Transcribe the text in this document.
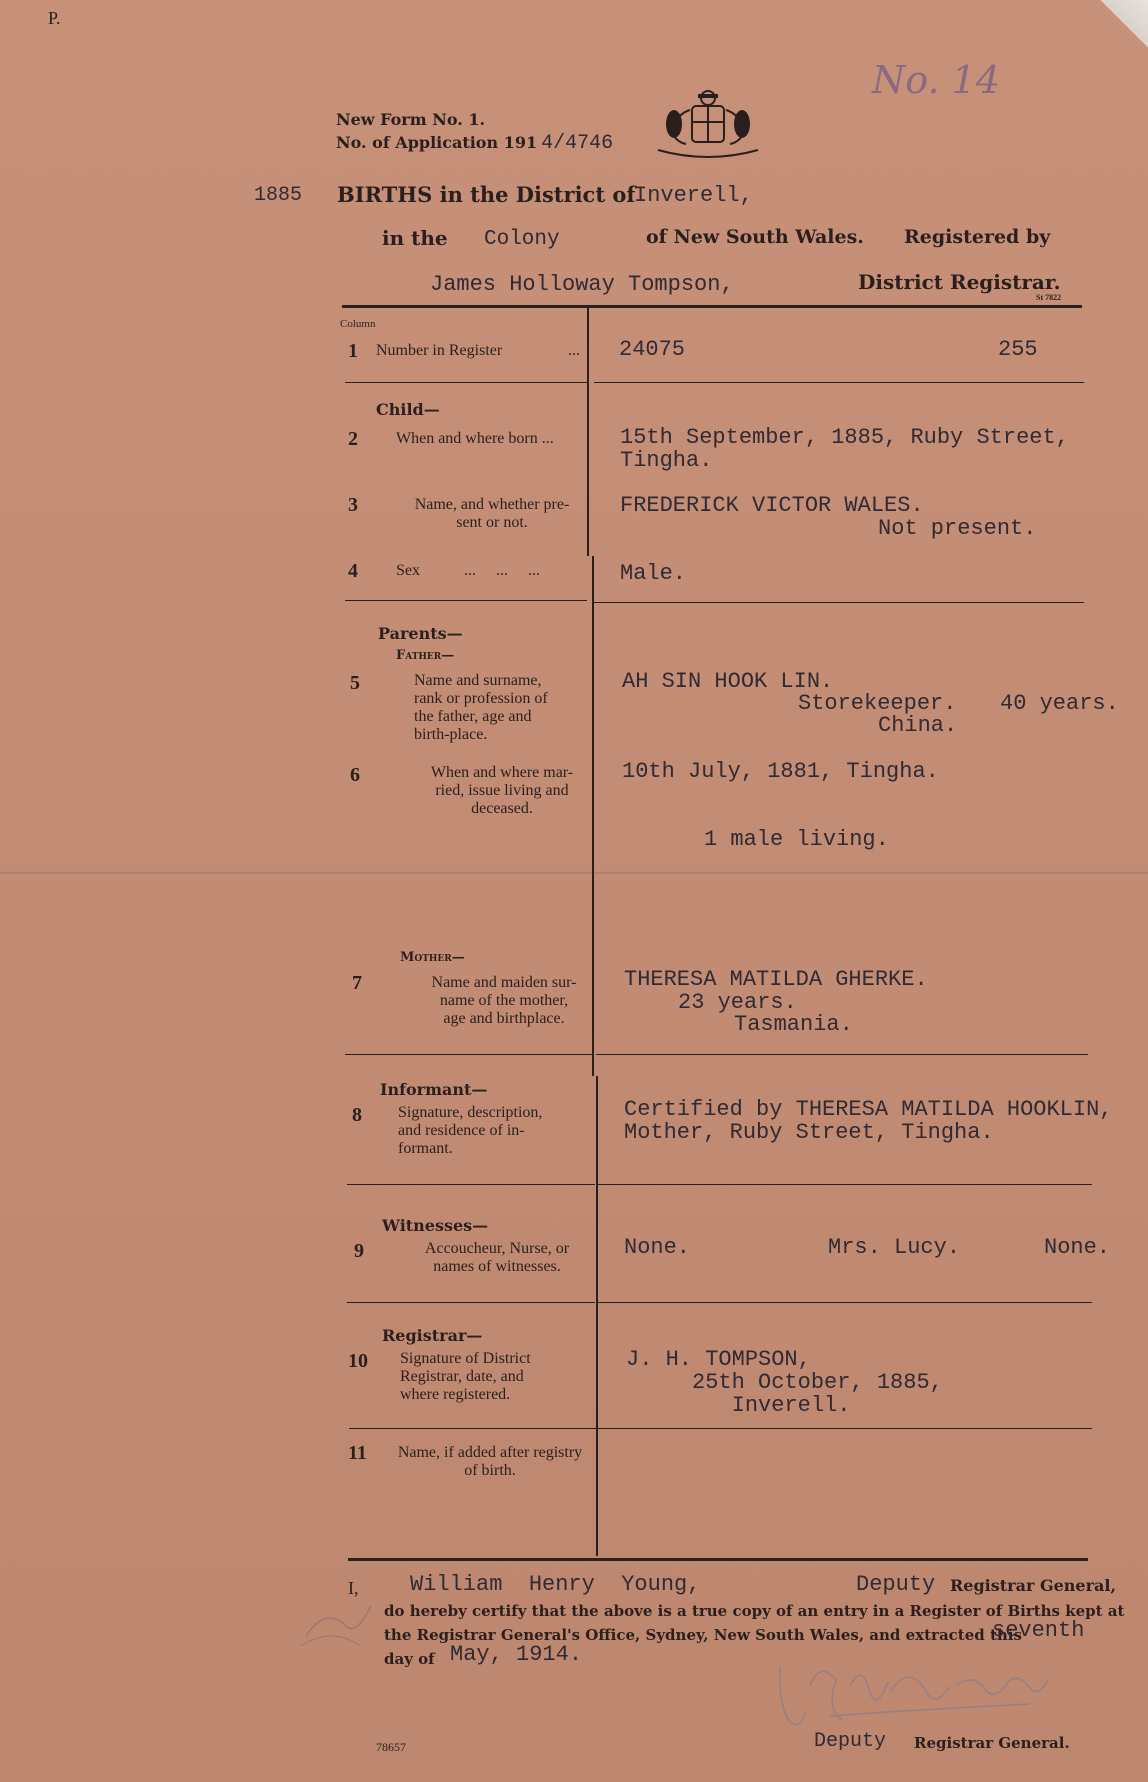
P.
No. 14
New Form No. 1.
No. of Application 191 4/4746
1885 BIRTHS in the District of
Inverell,
in the Colony	of New South Wales. Registered by
James Holloway Tompson,	District Registrar.
St 7822
Column
1 Number in Register	... 24075	255
Child—
2 When and where born ...	15th September, 1885, Ruby Street,
Tingha.
3	Name, and whether pre-
sent or not.
FREDERICK VICTOR WALES.
Not present.
4 Sex	...     ...     ...	Male.
Parents—
Father—
5	Name and surname,
rank or profession of
the father, age and
birth-place.
AH SIN HOOK LIN.
Storekeeper. 40 years.
China.
6	When and where mar-
ried, issue living and
deceased.
10th July, 1881, Tingha.
1 male living.
Mother—
7	Name and maiden sur-
name of the mother,
age and birthplace.
THERESA MATILDA GHERKE.
23 years.
Tasmania.
Informant—
8 Signature, description,
and residence of in-
formant.
Certified by THERESA MATILDA HOOKLIN,
Mother, Ruby Street, Tingha.
Witnesses—
9	Accoucheur, Nurse, or
names of witnesses.
None.	Mrs. Lucy.	None.
Registrar—
10 Signature of District
Registrar, date, and
where registered.
J. H. TOMPSON,
25th October, 1885,
Inverell.
11	Name, if added after registry
of birth.
I, William  Henry  Young,	Deputy Registrar General,
do hereby certify that the above is a true copy of an entry in a Register of Births kept at
the Registrar General's Office, Sydney, New South Wales, and extracted this
seventh
day of May, 1914.
Deputy Registrar General.
78657
